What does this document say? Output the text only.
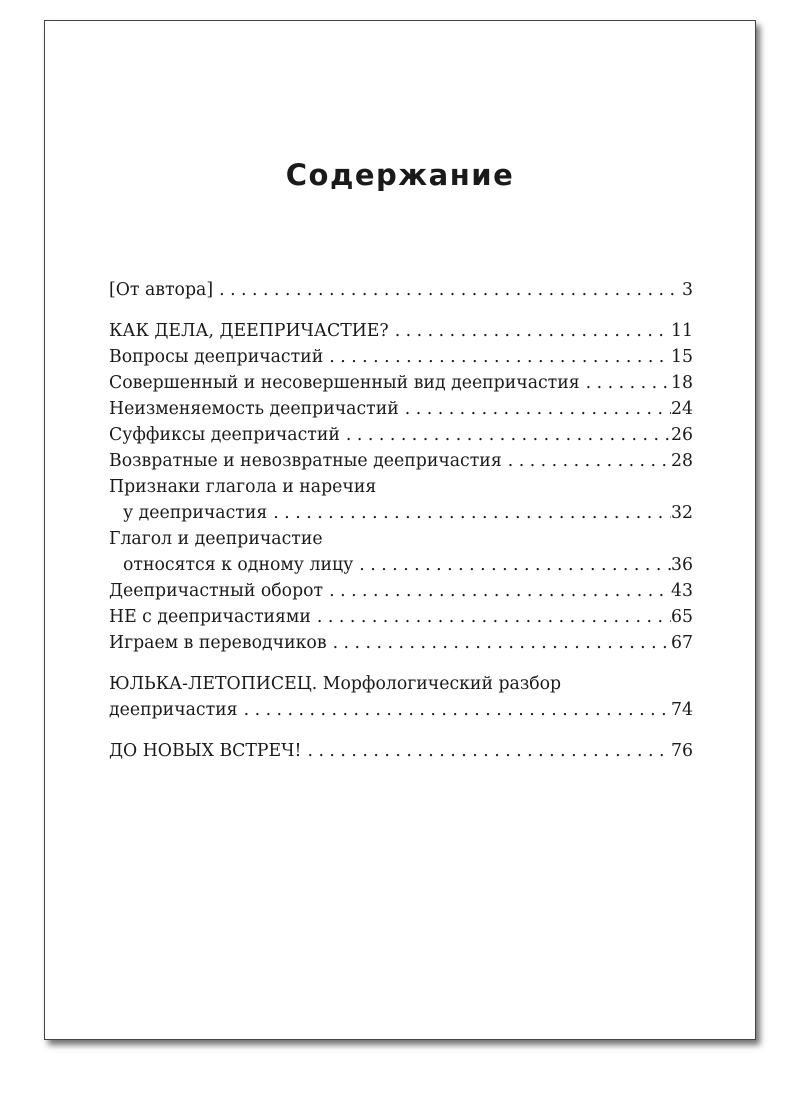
Содержание
[От автора] . . .	3
КАК ДЕЛА, ДЕЕПРИЧАСТИЕ? . . .	11
Вопросы деепричастий . . .	15
Совершенный и несовершенный вид деепричастия . . .	18
Неизменяемость деепричастий . . .	24
Суффиксы деепричастий . . .	26
Возвратные и невозвратные деепричастия . . .	28
Признаки глагола и наречия
у деепричастия . . .	32
Глагол и деепричастие
относятся к одному лицу . . .	36
Деепричастный оборот . . .	43
НЕ с деепричастиями . . .	65
Играем в переводчиков . . .	67
ЮЛЬКА-ЛЕТОПИСЕЦ. Морфологический разбор
деепричастия . . .	74
ДО НОВЫХ ВСТРЕЧ! . . .	76
